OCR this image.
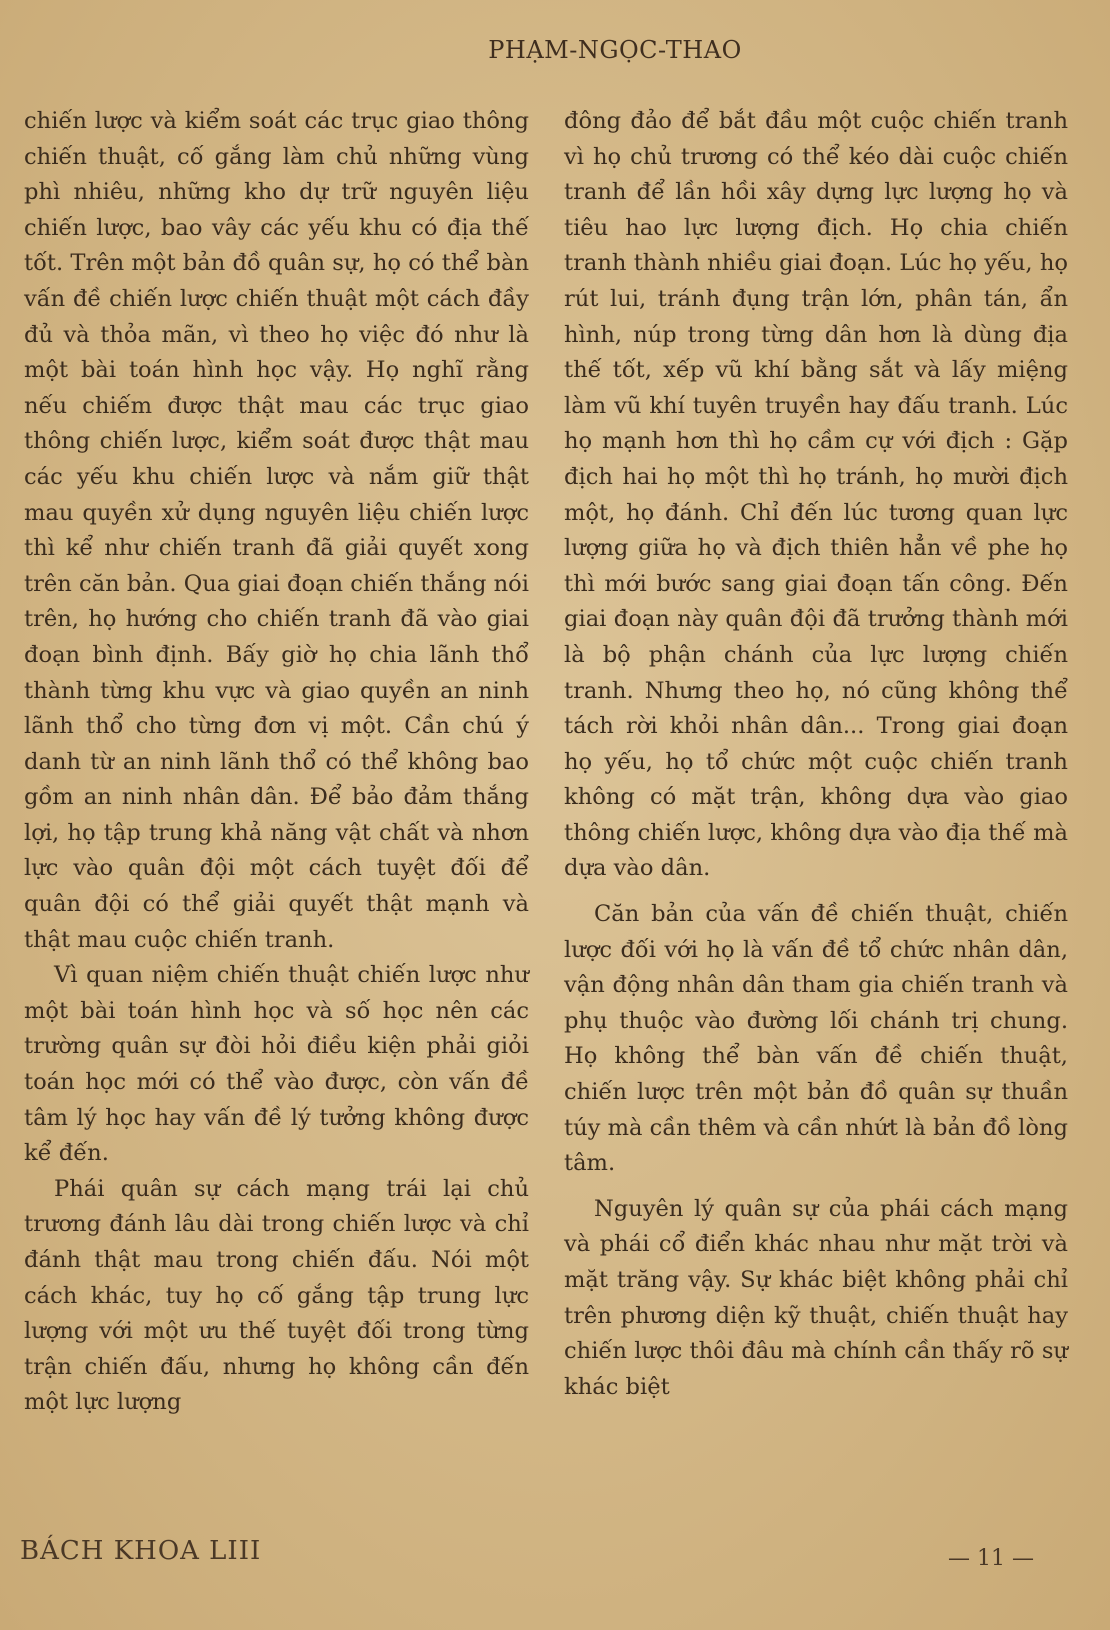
PHẠM-NGỌC-THAO

chiến lược và kiểm soát các trục giao thông chiến thuật, cố gắng làm chủ những vùng phì nhiêu, những kho dự trữ nguyên liệu chiến lược, bao vây các yếu khu có địa thế tốt. Trên một bản đồ quân sự, họ có thể bàn vấn đề chiến lược chiến thuật một cách đầy đủ và thỏa mãn, vì theo họ việc đó như là một bài toán hình học vậy. Họ nghĩ rằng nếu chiếm được thật mau các trục giao thông chiến lược, kiểm soát được thật mau các yếu khu chiến lược và nắm giữ thật mau quyền xử dụng nguyên liệu chiến lược thì kể như chiến tranh đã giải quyết xong trên căn bản. Qua giai đoạn chiến thắng nói trên, họ hướng cho chiến tranh đã vào giai đoạn bình định. Bấy giờ họ chia lãnh thổ thành từng khu vực và giao quyền an ninh lãnh thổ cho từng đơn vị một. Cần chú ý danh từ an ninh lãnh thổ có thể không bao gồm an ninh nhân dân. Để bảo đảm thắng lợi, họ tập trung khả năng vật chất và nhơn lực vào quân đội một cách tuyệt đối để quân đội có thể giải quyết thật mạnh và thật mau cuộc chiến tranh.

Vì quan niệm chiến thuật chiến lược như một bài toán hình học và số học nên các trường quân sự đòi hỏi điều kiện phải giỏi toán học mới có thể vào được, còn vấn đề tâm lý học hay vấn đề lý tưởng không được kể đến.

Phái quân sự cách mạng trái lại chủ trương đánh lâu dài trong chiến lược và chỉ đánh thật mau trong chiến đấu. Nói một cách khác, tuy họ cố gắng tập trung lực lượng với một ưu thế tuyệt đối trong từng trận chiến đấu, nhưng họ không cần đến một lực lượng

đông đảo để bắt đầu một cuộc chiến tranh vì họ chủ trương có thể kéo dài cuộc chiến tranh để lần hồi xây dựng lực lượng họ và tiêu hao lực lượng địch. Họ chia chiến tranh thành nhiều giai đoạn. Lúc họ yếu, họ rút lui, tránh đụng trận lớn, phân tán, ẩn hình, núp trong từng dân hơn là dùng địa thế tốt, xếp vũ khí bằng sắt và lấy miệng làm vũ khí tuyên truyền hay đấu tranh. Lúc họ mạnh hơn thì họ cầm cự với địch : Gặp địch hai họ một thì họ tránh, họ mười địch một, họ đánh. Chỉ đến lúc tương quan lực lượng giữa họ và địch thiên hẳn về phe họ thì mới bước sang giai đoạn tấn công. Đến giai đoạn này quân đội đã trưởng thành mới là bộ phận chánh của lực lượng chiến tranh. Nhưng theo họ, nó cũng không thể tách rời khỏi nhân dân... Trong giai đoạn họ yếu, họ tổ chức một cuộc chiến tranh không có mặt trận, không dựa vào giao thông chiến lược, không dựa vào địa thế mà dựa vào dân.

Căn bản của vấn đề chiến thuật, chiến lược đối với họ là vấn đề tổ chức nhân dân, vận động nhân dân tham gia chiến tranh và phụ thuộc vào đường lối chánh trị chung. Họ không thể bàn vấn đề chiến thuật, chiến lược trên một bản đồ quân sự thuần túy mà cần thêm và cần nhứt là bản đồ lòng tâm.

Nguyên lý quân sự của phái cách mạng và phái cổ điển khác nhau như mặt trời và mặt trăng vậy. Sự khác biệt không phải chỉ trên phương diện kỹ thuật, chiến thuật hay chiến lược thôi đâu mà chính cần thấy rõ sự khác biệt

BÁCH KHOA LIII	— 11 —
